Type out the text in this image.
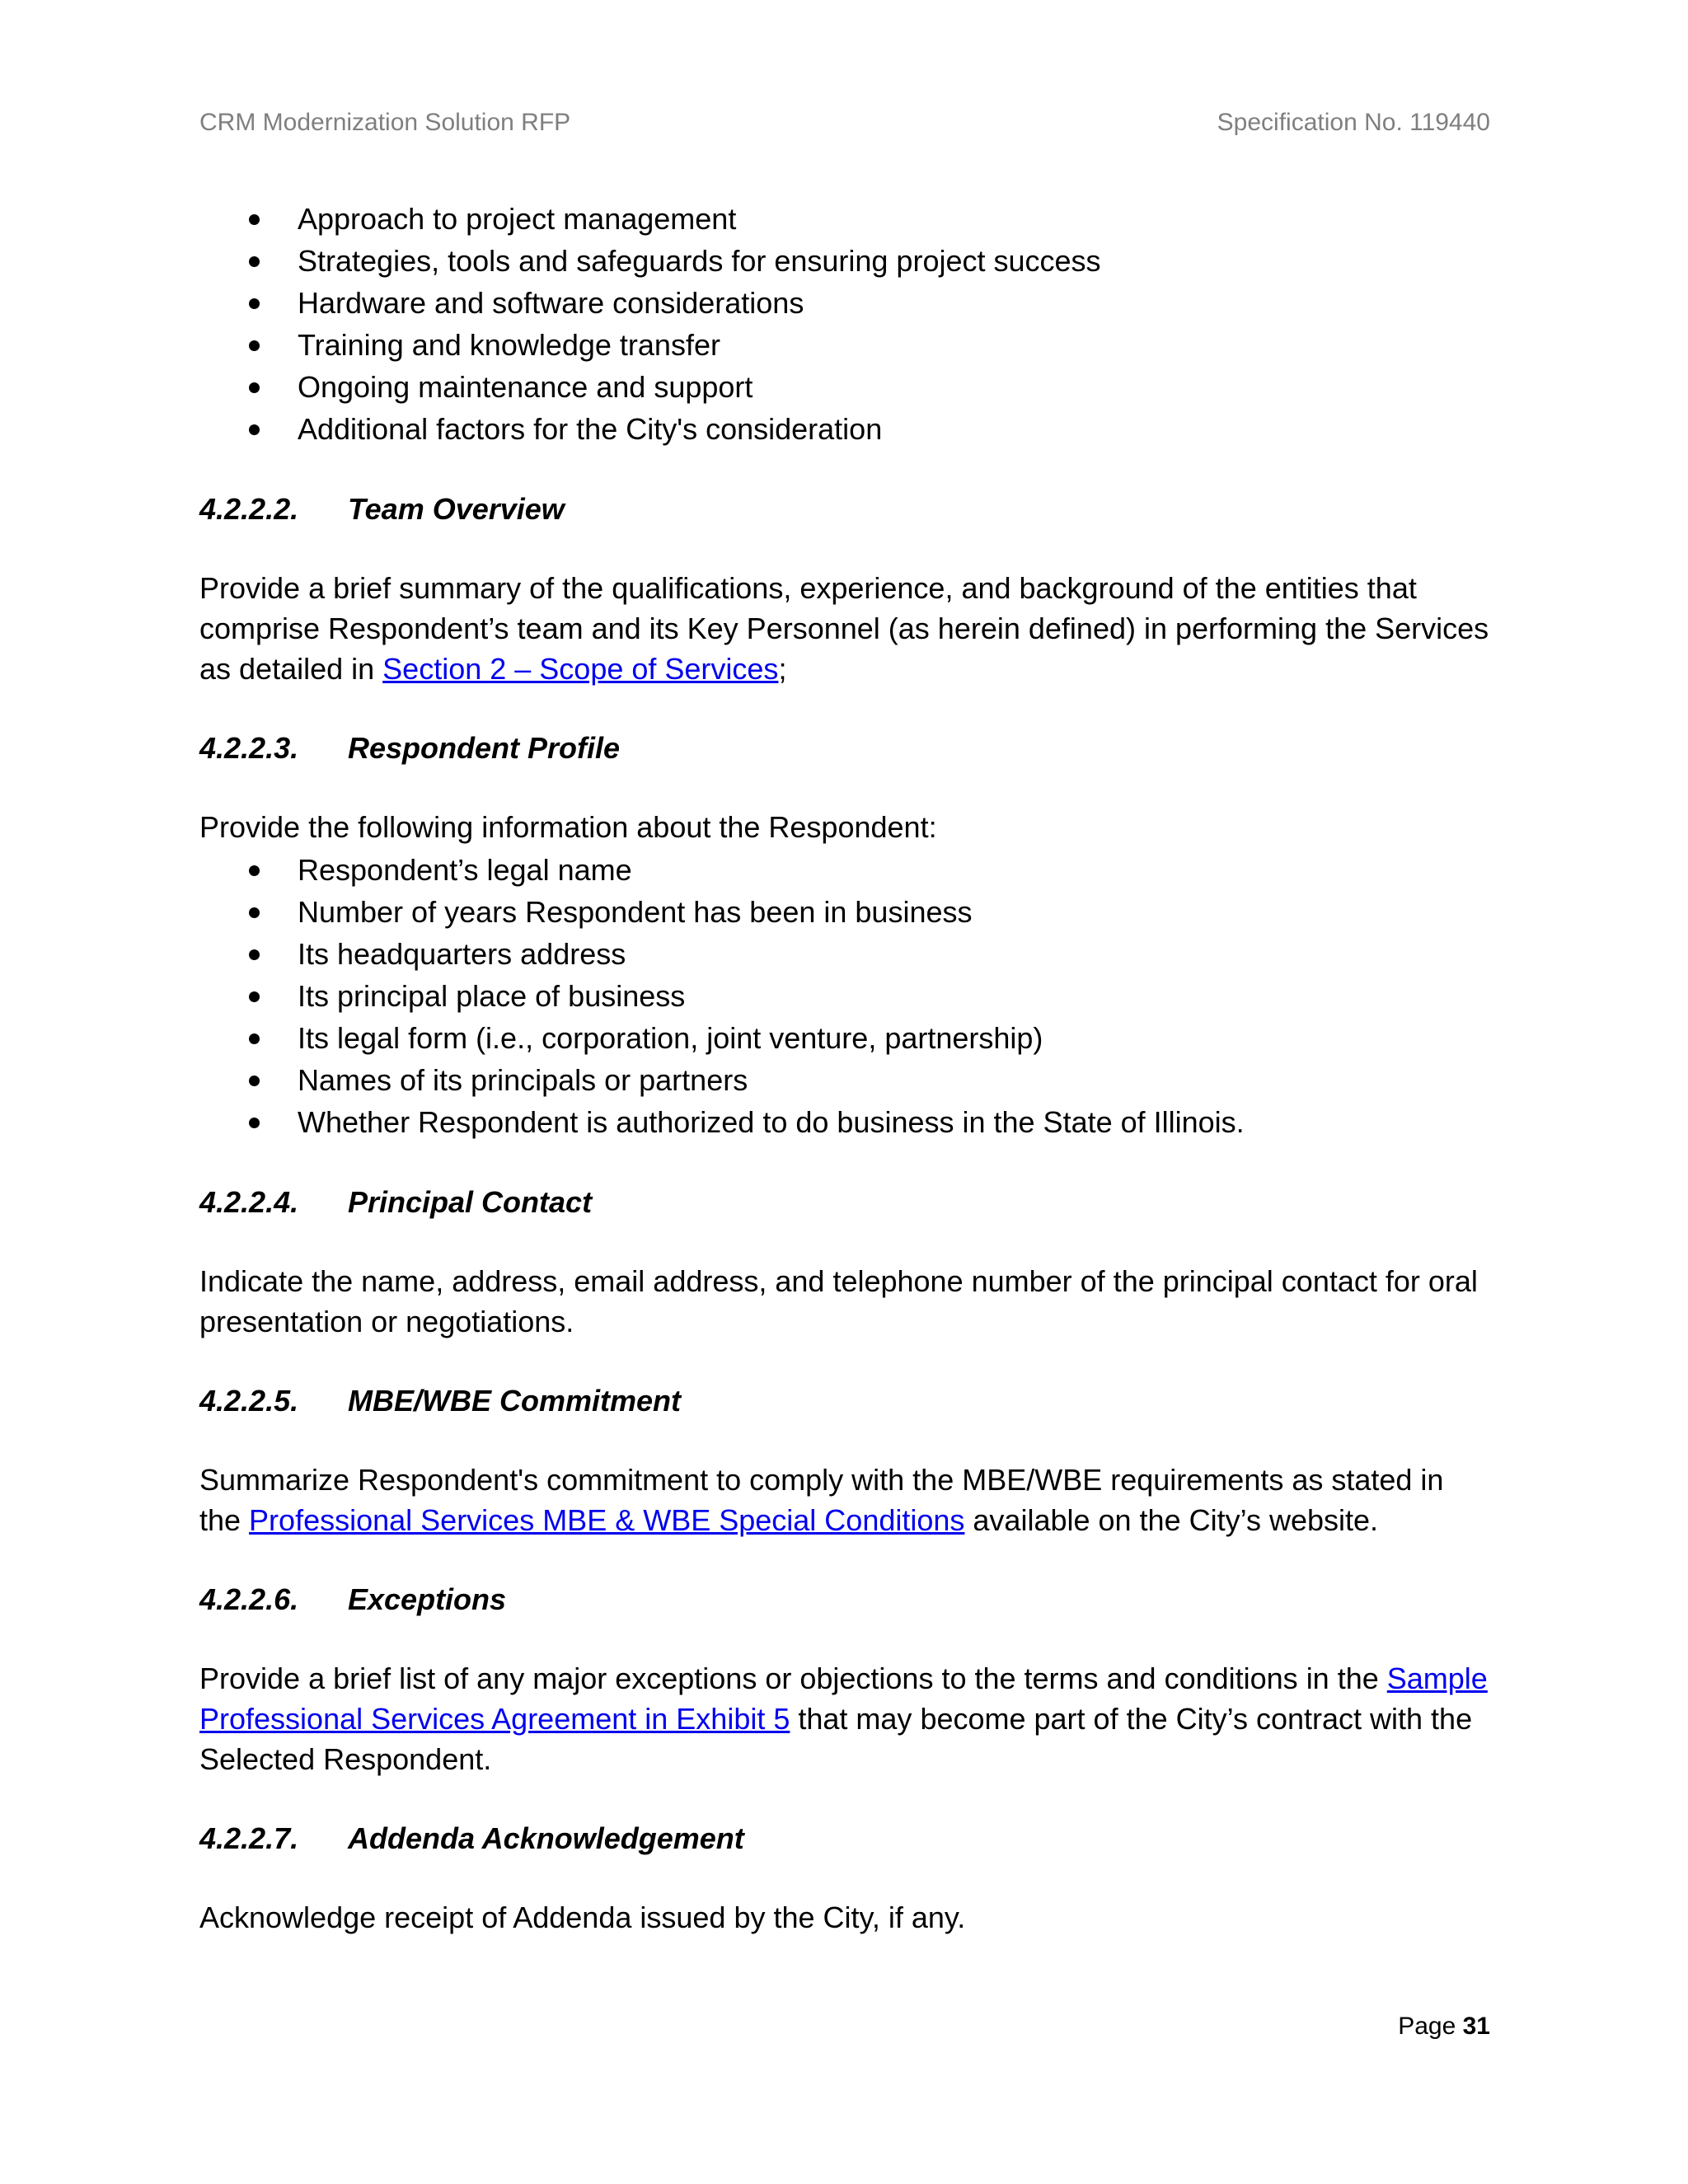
CRM Modernization Solution RFP	Specification No. 119440
Approach to project management
Strategies, tools and safeguards for ensuring project success
Hardware and software considerations
Training and knowledge transfer
Ongoing maintenance and support
Additional factors for the City's consideration
4.2.2.2. Team Overview

Provide a brief summary of the qualifications, experience, and background of the entities that comprise Respondent’s team and its Key Personnel (as herein defined) in performing the Services as detailed in Section 2 – Scope of Services;

4.2.2.3. Respondent Profile

Provide the following information about the Respondent:

Respondent’s legal name
Number of years Respondent has been in business
Its headquarters address
Its principal place of business
Its legal form (i.e., corporation, joint venture, partnership)
Names of its principals or partners
Whether Respondent is authorized to do business in the State of Illinois.
4.2.2.4. Principal Contact

Indicate the name, address, email address, and telephone number of the principal contact for oral presentation or negotiations.

4.2.2.5. MBE/WBE Commitment

Summarize Respondent's commitment to comply with the MBE/WBE requirements as stated in the Professional Services MBE & WBE Special Conditions available on the City’s website.

4.2.2.6. Exceptions

Provide a brief list of any major exceptions or objections to the terms and conditions in the Sample Professional Services Agreement in Exhibit 5 that may become part of the City’s contract with the Selected Respondent.

4.2.2.7. Addenda Acknowledgement

Acknowledge receipt of Addenda issued by the City, if any.

Page 31
